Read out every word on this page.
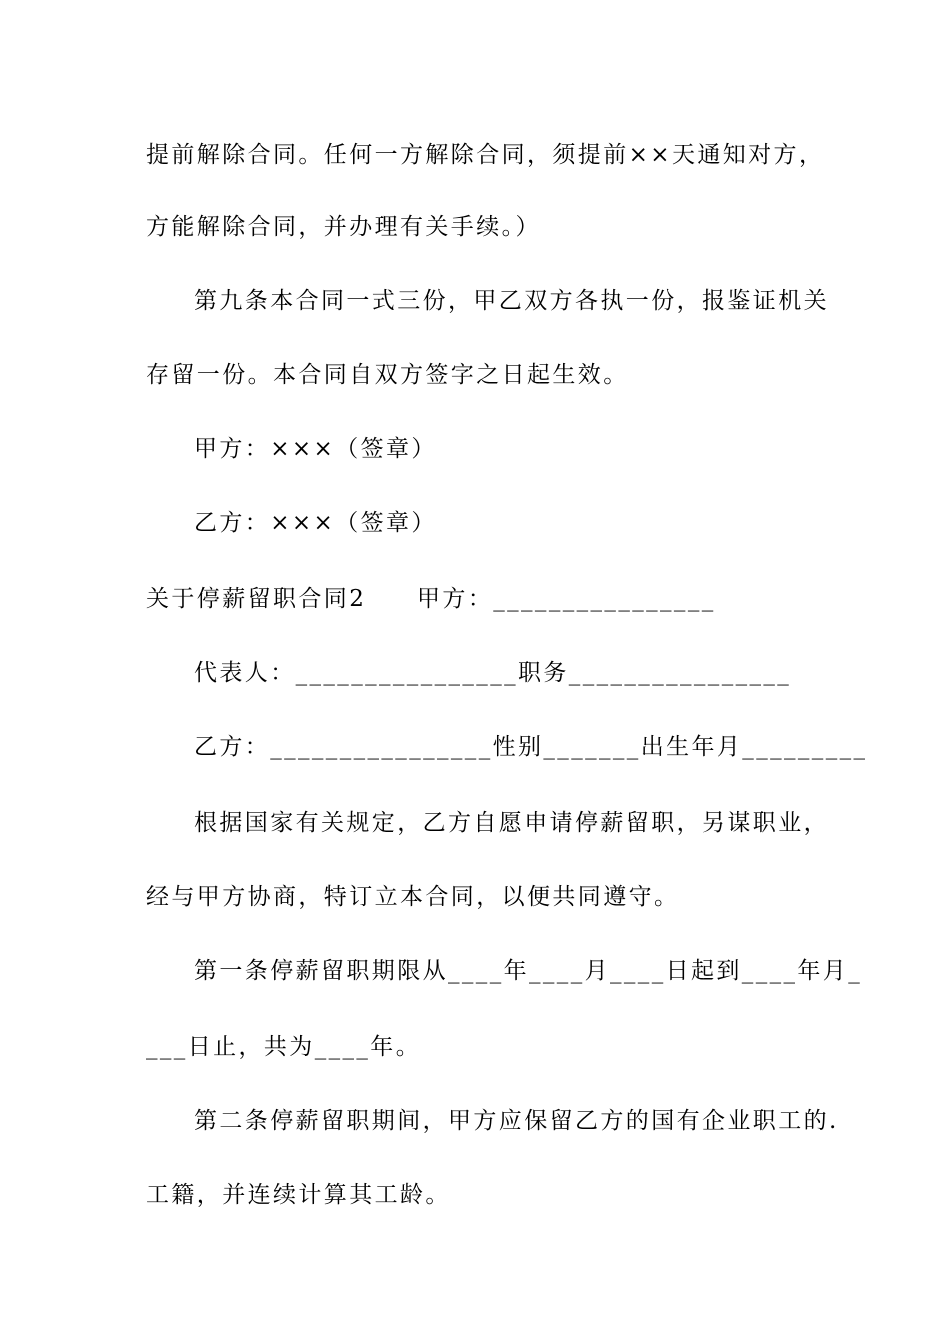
提前解除合同。任何一方解除合同，须提前××天通知对方，
方能解除合同，并办理有关手续。）
第九条本合同一式三份，甲乙双方各执一份，报鉴证机关
存留一份。本合同自双方签字之日起生效。
甲方：×××（签章）
乙方：×××（签章）
关于停薪留职合同2　　甲方：________________
代表人：________________职务________________
乙方：________________性别_______出生年月_________
根据国家有关规定，乙方自愿申请停薪留职，另谋职业，
经与甲方协商，特订立本合同，以便共同遵守。
第一条停薪留职期限从____年____月____日起到____年月_
___日止，共为____年。
第二条停薪留职期间，甲方应保留乙方的国有企业职工的.
工籍，并连续计算其工龄。
